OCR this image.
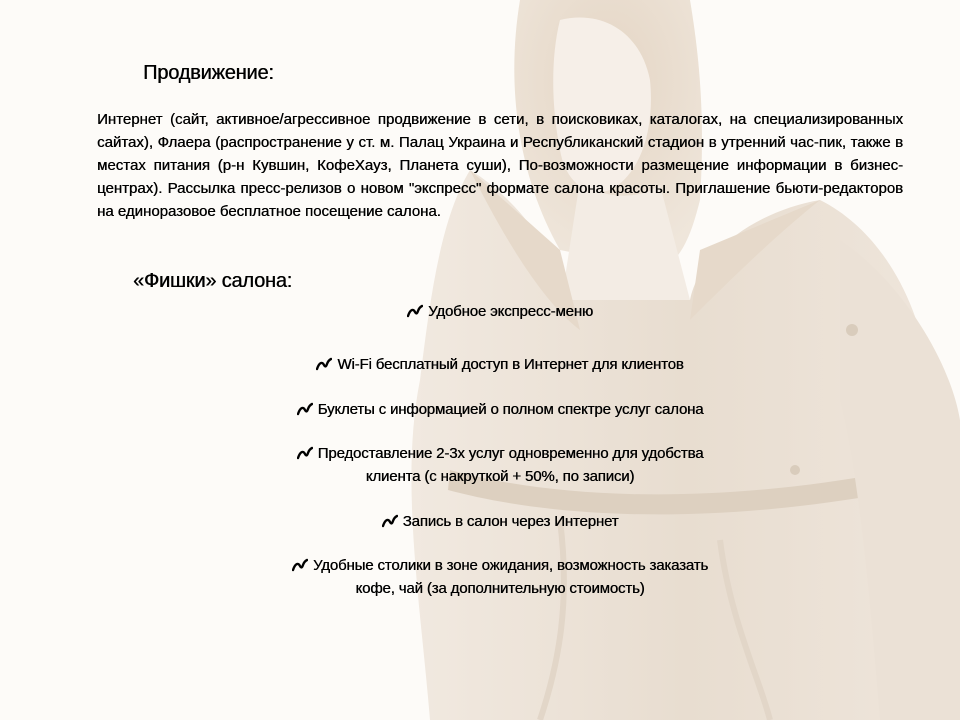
Продвижение:

Интернет (сайт, активное/агрессивное продвижение в сети, в поисковиках, каталогах, на специализированных сайтах), Флаера (распространение у ст. м. Палац Украина и Республиканский стадион в утренний час-пик, также в местах питания (р-н Кувшин, КофеХауз, Планета суши), По-возможности размещение информации в бизнес-центрах). Рассылка пресс-релизов о новом "экспресс" формате салона красоты. Приглашение бьюти-редакторов на единоразовое бесплатное посещение салона.

«Фишки» салона:
Удобное экспресс-меню
Wi-Fi бесплатный доступ в Интернет для клиентов
Буклеты с информацией о полном спектре услуг салона
Предоставление 2-3х услуг одновременно для удобства
клиента (с накруткой + 50%, по записи)
Запись в салон через Интернет
Удобные столики в зоне ожидания, возможность заказать
кофе, чай (за дополнительную стоимость)
